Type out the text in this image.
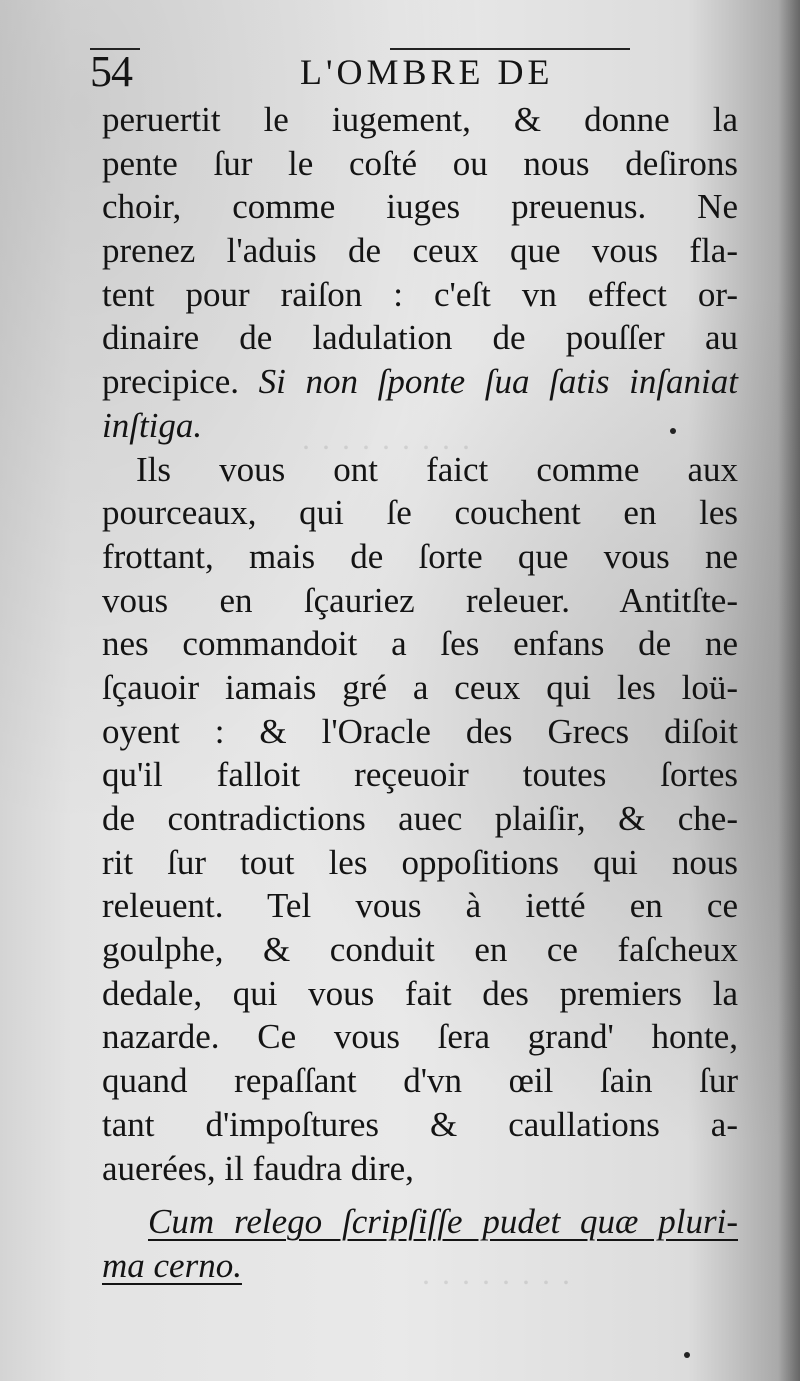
. . . . . . . . .
. . . . . . . .
54	L'OMBRE DE
peruertit le iugement, & donne la
pente ſur le coſté ou nous deſirons
choir, comme iuges preuenus. Ne
prenez l'aduis de ceux que vous fla-
tent pour raiſon : c'eſt vn effect or-
dinaire de ladulation de pouſſer au
precipice. Si non ſponte ſua ſatis inſaniat
inſtiga.
Ils vous ont faict comme aux
pourceaux, qui ſe couchent en les
frottant, mais de ſorte que vous ne
vous en ſçauriez releuer. Antitſte-
nes commandoit a ſes enfans de ne
ſçauoir iamais gré a ceux qui les loü-
oyent : & l'Oracle des Grecs diſoit
qu'il falloit reçeuoir toutes ſortes
de contradictions auec plaiſir, & che-
rit ſur tout les oppoſitions qui nous
releuent. Tel vous à ietté en ce
goulphe, & conduit en ce faſcheux
dedale, qui vous fait des premiers la
nazarde. Ce vous ſera grand' honte,
quand repaſſant d'vn œil ſain ſur
tant d'impoſtures & caullations a-
auerées, il faudra dire,
Cum relego ſcripſiſſe pudet quæ pluri-
ma cerno.
